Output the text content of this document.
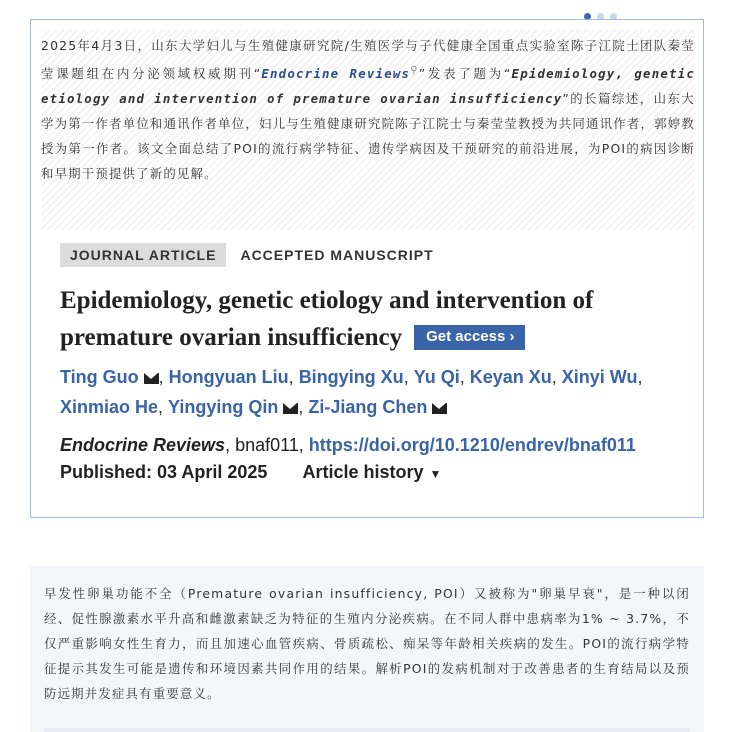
2025年4月3日，山东大学妇儿与生殖健康研究院/生殖医学与子代健康全国重点实验室陈子江院士团队秦莹莹课题组在内分泌领域权威期刊“Endocrine Reviews⚲”发表了题为“Epidemiology, genetic etiology and intervention of premature ovarian insufficiency”的长篇综述，山东大学为第一作者单位和通讯作者单位，妇儿与生殖健康研究院陈子江院士与秦莹莹教授为共同通讯作者，郭婷教授为第一作者。该文全面总结了POI的流行病学特征、遗传学病因及干预研究的前沿进展，为POI的病因诊断和早期干预提供了新的见解。

JOURNAL ARTICLE	ACCEPTED MANUSCRIPT
Epidemiology, genetic etiology and intervention of premature ovarian insufficiency Get access ›
Ting Guo , Hongyuan Liu, Bingying Xu, Yu Qi, Keyan Xu, Xinyi Wu, Xinmiao He, Yingying Qin , Zi-Jiang Chen
Endocrine Reviews, bnaf011, https://doi.org/10.1210/endrev/bnaf011
Published: 03 April 2025 Article history ▼

早发性卵巢功能不全（Premature ovarian insufficiency, POI）又被称为"卵巢早衰"，是一种以闭经、促性腺激素水平升高和雌激素缺乏为特征的生殖内分泌疾病。在不同人群中患病率为1% ~ 3.7%，不仅严重影响女性生育力，而且加速心血管疾病、骨质疏松、痴呆等年龄相关疾病的发生。POI的流行病学特征提示其发生可能是遗传和环境因素共同作用的结果。解析POI的发病机制对于改善患者的生育结局以及预防远期并发症具有重要意义。
